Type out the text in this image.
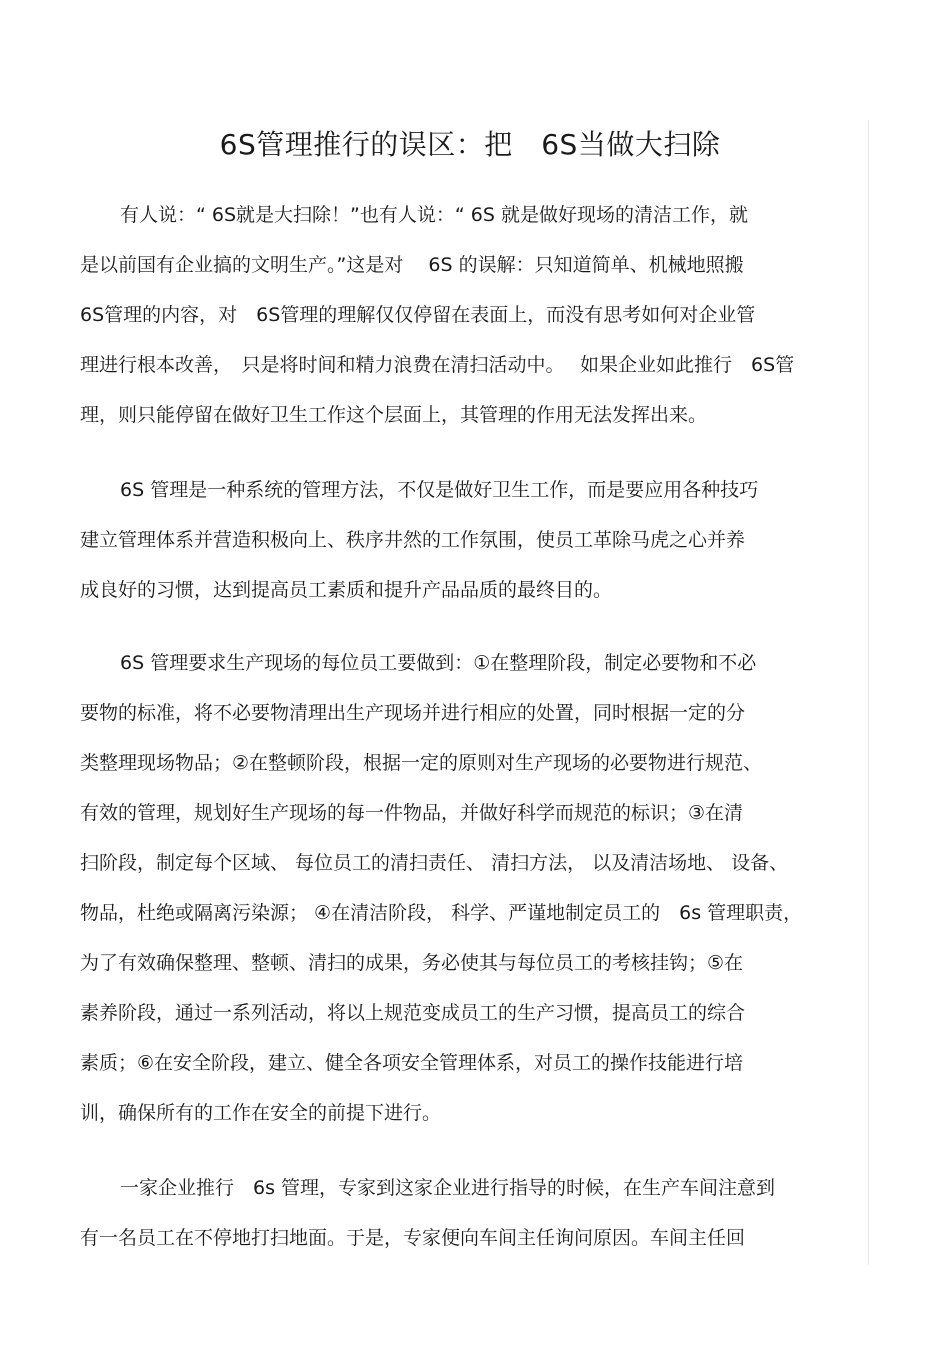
6S管理推行的误区：把　6S当做大扫除
有人说：“ 6S就是大扫除！”也有人说：“ 6S 就是做好现场的清洁工作，就
是以前国有企业搞的文明生产。”这是对　 6S 的误解：只知道简单、机械地照搬
6S管理的内容，对　6S管理的理解仅仅停留在表面上，而没有思考如何对企业管
理进行根本改善，　只是将时间和精力浪费在清扫活动中。　 如果企业如此推行　6S管
理，则只能停留在做好卫生工作这个层面上，其管理的作用无法发挥出来。
6S 管理是一种系统的管理方法，不仅是做好卫生工作，而是要应用各种技巧
建立管理体系并营造积极向上、秩序井然的工作氛围，使员工革除马虎之心并养
成良好的习惯，达到提高员工素质和提升产品品质的最终目的。
6S 管理要求生产现场的每位员工要做到：①在整理阶段，制定必要物和不必
要物的标准，将不必要物清理出生产现场并进行相应的处置，同时根据一定的分
类整理现场物品；②在整顿阶段，根据一定的原则对生产现场的必要物进行规范、
有效的管理，规划好生产现场的每一件物品，并做好科学而规范的标识；③在清
扫阶段，制定每个区域、 每位员工的清扫责任、 清扫方法， 以及清洁场地、 设备、
物品，杜绝或隔离污染源； ④在清洁阶段， 科学、严谨地制定员工的　6s 管理职责，
为了有效确保整理、整顿、清扫的成果，务必使其与每位员工的考核挂钩；⑤在
素养阶段，通过一系列活动，将以上规范变成员工的生产习惯，提高员工的综合
素质；⑥在安全阶段，建立、健全各项安全管理体系，对员工的操作技能进行培
训，确保所有的工作在安全的前提下进行。
一家企业推行　6s 管理，专家到这家企业进行指导的时候，在生产车间注意到
有一名员工在不停地打扫地面。于是，专家便向车间主任询问原因。车间主任回
